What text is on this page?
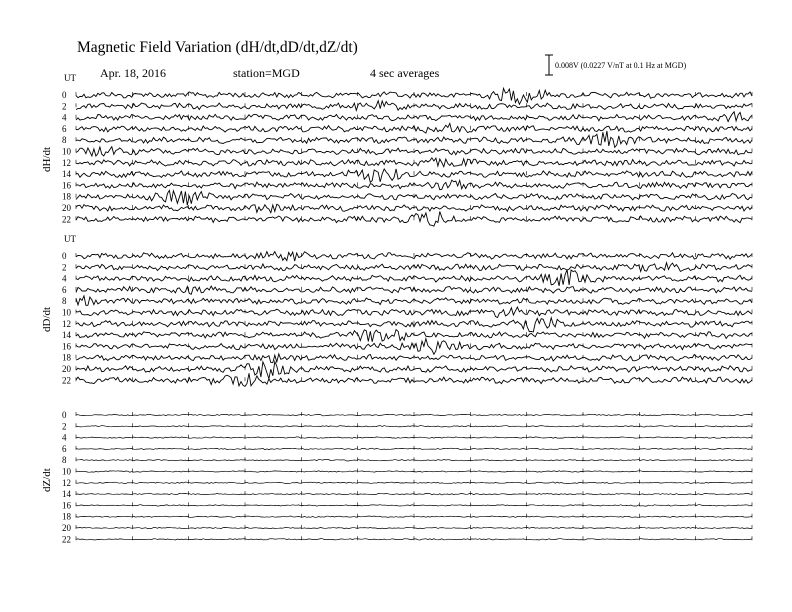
Magnetic Field Variation (dH/dt,dD/dt,dZ/dt)
Apr. 18, 2016	station=MGD	4 sec averages
0.008V (0.0227 V/nT at 0.1 Hz at MGD)
UT
UT
dH/dt
dD/dt
dZ/dt
0
2
4
6
8
10
12
14
16
18
20
22
0
2
4
6
8
10
12
14
16
18
20
22
0
2
4
6
8
10
12
14
16
18
20
22
